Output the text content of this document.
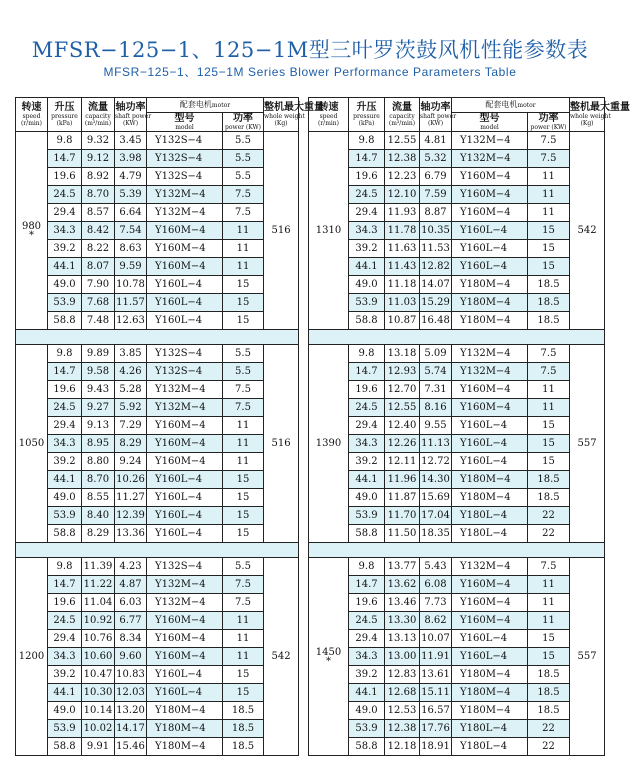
MFSR−125−1、125−1M型三叶罗茨鼓风机性能参数表
MFSR−125−1、125−1M Series Blower Performance Parameters Table
转速
speed
(r/min)	升压
pressure
(kPa)	流量
capacity
(m³/min)	轴功率
shaft power
(KW)	配套电机motor		整机最大重量
whole weight
(Kg)

				型号
model	功率
power (KW)	

980
*	9.8	9.32	3.45	Y132S−4	5.5	516
	14.7	9.12	3.98	Y132S−4	5.5	
	19.6	8.92	4.79	Y132S−4	5.5	
	24.5	8.70	5.39	Y132M−4	7.5	
	29.4	8.57	6.64	Y132M−4	7.5	
	34.3	8.42	7.54	Y160M−4	11	
	39.2	8.22	8.63	Y160M−4	11	
	44.1	8.07	9.59	Y160M−4	11	
	49.0	7.90	10.78	Y160L−4	15	
	53.9	7.68	11.57	Y160L−4	15	
	58.8	7.48	12.63	Y160L−4	15	

1050	9.8	9.89	3.85	Y132S−4	5.5	516
	14.7	9.58	4.26	Y132S−4	5.5	
	19.6	9.43	5.28	Y132M−4	7.5	
	24.5	9.27	5.92	Y132M−4	7.5	
	29.4	9.13	7.29	Y160M−4	11	
	34.3	8.95	8.29	Y160M−4	11	
	39.2	8.80	9.24	Y160M−4	11	
	44.1	8.70	10.26	Y160L−4	15	
	49.0	8.55	11.27	Y160L−4	15	
	53.9	8.40	12.39	Y160L−4	15	
	58.8	8.29	13.36	Y160L−4	15	

1200	9.8	11.39	4.23	Y132S−4	5.5	542
	14.7	11.22	4.87	Y132M−4	7.5	
	19.6	11.04	6.03	Y132M−4	7.5	
	24.5	10.92	6.77	Y160M−4	11	
	29.4	10.76	8.34	Y160M−4	11	
	34.3	10.60	9.60	Y160M−4	11	
	39.2	10.47	10.83	Y160L−4	15	
	44.1	10.30	12.03	Y160L−4	15	
	49.0	10.14	13.20	Y180M−4	18.5	
	53.9	10.02	14.17	Y180M−4	18.5	
	58.8	9.91	15.46	Y180M−4	18.5	
转速
speed
(r/min)	升压
pressure
(kPa)	流量
capacity
(m³/min)	轴功率
shaft power
(KW)	配套电机motor		整机最大重量
whole weight
(Kg)

				型号
model	功率
power (KW)	

1310	9.8	12.55	4.81	Y132M−4	7.5	542
	14.7	12.38	5.32	Y132M−4	7.5	
	19.6	12.23	6.79	Y160M−4	11	
	24.5	12.10	7.59	Y160M−4	11	
	29.4	11.93	8.87	Y160M−4	11	
	34.3	11.78	10.35	Y160L−4	15	
	39.2	11.63	11.53	Y160L−4	15	
	44.1	11.43	12.82	Y160L−4	15	
	49.0	11.18	14.07	Y180M−4	18.5	
	53.9	11.03	15.29	Y180M−4	18.5	
	58.8	10.87	16.48	Y180M−4	18.5	

1390	9.8	13.18	5.09	Y132M−4	7.5	557
	14.7	12.93	5.74	Y132M−4	7.5	
	19.6	12.70	7.31	Y160M−4	11	
	24.5	12.55	8.16	Y160M−4	11	
	29.4	12.40	9.55	Y160L−4	15	
	34.3	12.26	11.13	Y160L−4	15	
	39.2	12.11	12.72	Y160L−4	15	
	44.1	11.96	14.30	Y180M−4	18.5	
	49.0	11.87	15.69	Y180M−4	18.5	
	53.9	11.70	17.04	Y180L−4	22	
	58.8	11.50	18.35	Y180L−4	22	

1450
*	9.8	13.77	5.43	Y132M−4	7.5	557
	14.7	13.62	6.08	Y160M−4	11	
	19.6	13.46	7.73	Y160M−4	11	
	24.5	13.30	8.62	Y160M−4	11	
	29.4	13.13	10.07	Y160L−4	15	
	34.3	13.00	11.91	Y160L−4	15	
	39.2	12.83	13.61	Y180M−4	18.5	
	44.1	12.68	15.11	Y180M−4	18.5	
	49.0	12.53	16.57	Y180M−4	18.5	
	53.9	12.38	17.76	Y180L−4	22	
	58.8	12.18	18.91	Y180L−4	22	
